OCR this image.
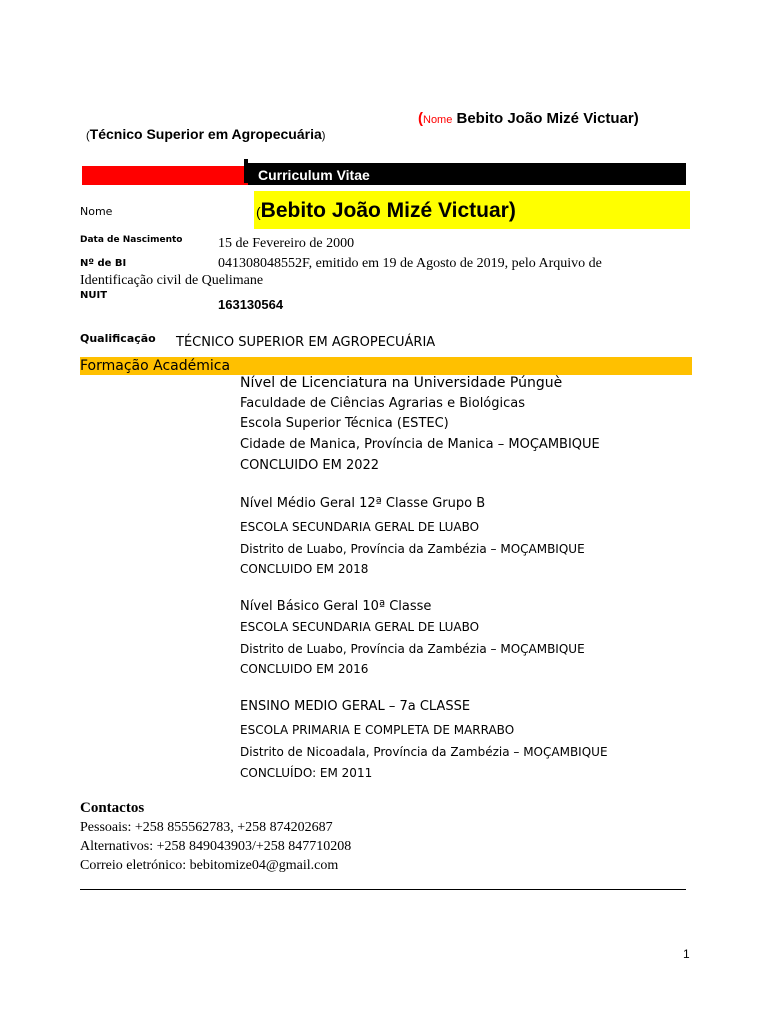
(Nome Bebito João Mizé Victuar)
(Técnico Superior em Agropecuária)
Curriculum Vitae
Nome	(Bebito João Mizé Victuar)
Data de Nascimento	15 de Fevereiro de 2000
Nº de BI	041308048552F, emitido em 19 de Agosto de 2019, pelo Arquivo de
Identificação civil de Quelimane
NUIT
163130564
Qualificação TÉCNICO SUPERIOR EM AGROPECUÁRIA
Formação Académica
Nível de Licenciatura na Universidade Púnguè
Faculdade de Ciências Agrarias e Biológicas
Escola Superior Técnica (ESTEC)
Cidade de Manica, Província de Manica – MOÇAMBIQUE
CONCLUIDO EM 2022
Nível Médio Geral 12ª Classe Grupo B
ESCOLA SECUNDARIA GERAL DE LUABO
Distrito de Luabo, Província da Zambézia – MOÇAMBIQUE
CONCLUIDO EM 2018
Nível Básico Geral 10ª Classe
ESCOLA SECUNDARIA GERAL DE LUABO
Distrito de Luabo, Província da Zambézia – MOÇAMBIQUE
CONCLUIDO EM 2016
ENSINO MEDIO GERAL – 7a CLASSE
ESCOLA PRIMARIA E COMPLETA DE MARRABO
Distrito de Nicoadala, Província da Zambézia – MOÇAMBIQUE
CONCLUÍDO: EM 2011
Contactos
Pessoais: +258 855562783, +258 874202687
Alternativos: +258 849043903/+258 847710208
Correio eletrónico: bebitomize04@gmail.com
1
